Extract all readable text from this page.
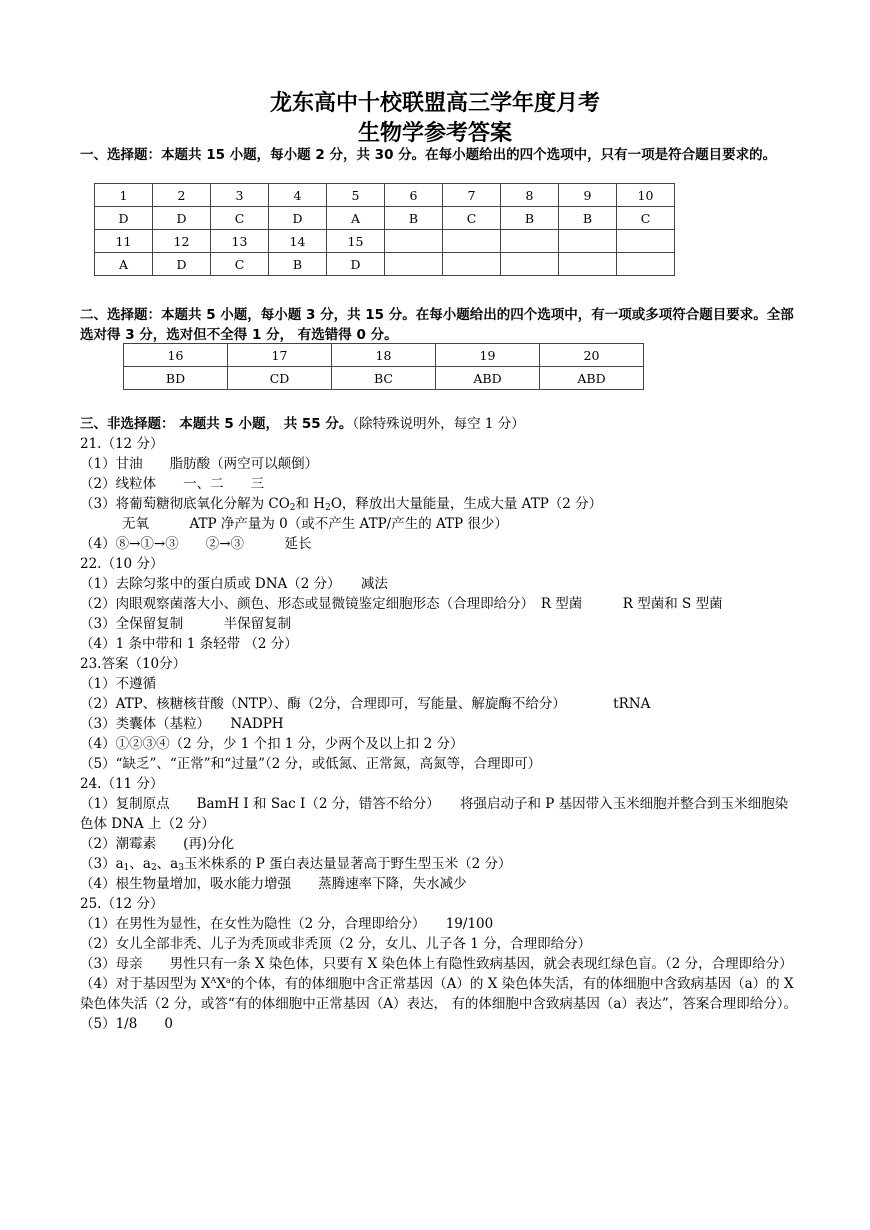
龙东高中十校联盟高三学年度月考
生物学参考答案
一、选择题：本题共 15 小题，每小题 2 分，共 30 分。在每小题给出的四个选项中，只有一项是符合题目要求的。
1	2	3	4	5	6	7	8	9	10
D	D	C	D	A	B	C	B	B	C
11	12	13	14	15					
A	D	C	B	D					
二、选择题：本题共 5 小题，每小题 3 分，共 15 分。在每小题给出的四个选项中，有一项或多项符合题目要求。全部选对得 3 分，选对但不全得 1 分， 有选错得 0 分。
16	17	18	19	20
BD	CD	BC	ABD	ABD
三、非选择题： 本题共 5 小题， 共 55 分。（除特殊说明外，每空 1 分）
21.（12 分）
（1）甘油　　脂肪酸（两空可以颠倒）
（2）线粒体　　一、二　　三
（3）将葡萄糖彻底氧化分解为 $CO_2$和 $H_2O$，释放出大量能量，生成大量 ATP（2 分）
无氧　　　ATP 净产量为 0（或不产生 ATP/产生的 ATP 很少）
（4）⑧→①→③　　②→③　　　延长
22.（10 分）
（1）去除匀浆中的蛋白质或 DNA（2 分）　　减法
（2）肉眼观察菌落大小、颜色、形态或显微镜鉴定细胞形态（合理即给分）　R 型菌　　　R 型菌和 S 型菌
（3）全保留复制　　　半保留复制
（4）1 条中带和 1 条轻带 （2 分）
23.答案（10分）
（1）不遵循
（2）ATP、核糖核苷酸（NTP）、酶（2分，合理即可，写能量、解旋酶不给分）　　　　tRNA
（3）类囊体（基粒）　　NADPH
（4）①②③④（2 分，少 1 个扣 1 分，少两个及以上扣 2 分）
（5）“缺乏”、“正常”和“过量”（2 分，或低氮、正常氮，高氮等，合理即可）
24.（11 分）
（1）复制原点　　BamH I 和 Sac I（2 分，错答不给分）　　将强启动子和 P 基因带入玉米细胞并整合到玉米细胞染色体 DNA 上（2 分）
（2）潮霉素　　(再)分化
$(3)a_1$、$a_2$、$a_3$玉米株系的 P 蛋白表达量显著高于野生型玉米（2 分）
（4）根生物量增加，吸水能力增强　　蒸腾速率下降，失水减少
25.（12 分）
（1）在男性为显性，在女性为隐性（2 分，合理即给分）　　19/100
（2）女儿全部非秃、儿子为秃顶或非秃顶（2 分，女儿、儿子各 1 分，合理即给分）
（3）母亲　　男性只有一条 X 染色体，只要有 X 染色体上有隐性致病基因，就会表现红绿色盲。（2 分，合理即给分）
（4）对于基因型为 $X^AX^a$的个体，有的体细胞中含正常基因（A）的 X 染色体失活，有的体细胞中含致病基因（a）的 X 染色体失活（2 分，或答“有的体细胞中正常基因（A）表达， 有的体细胞中含致病基因（a）表达”，答案合理即给分）。
（5）1/8　　0
